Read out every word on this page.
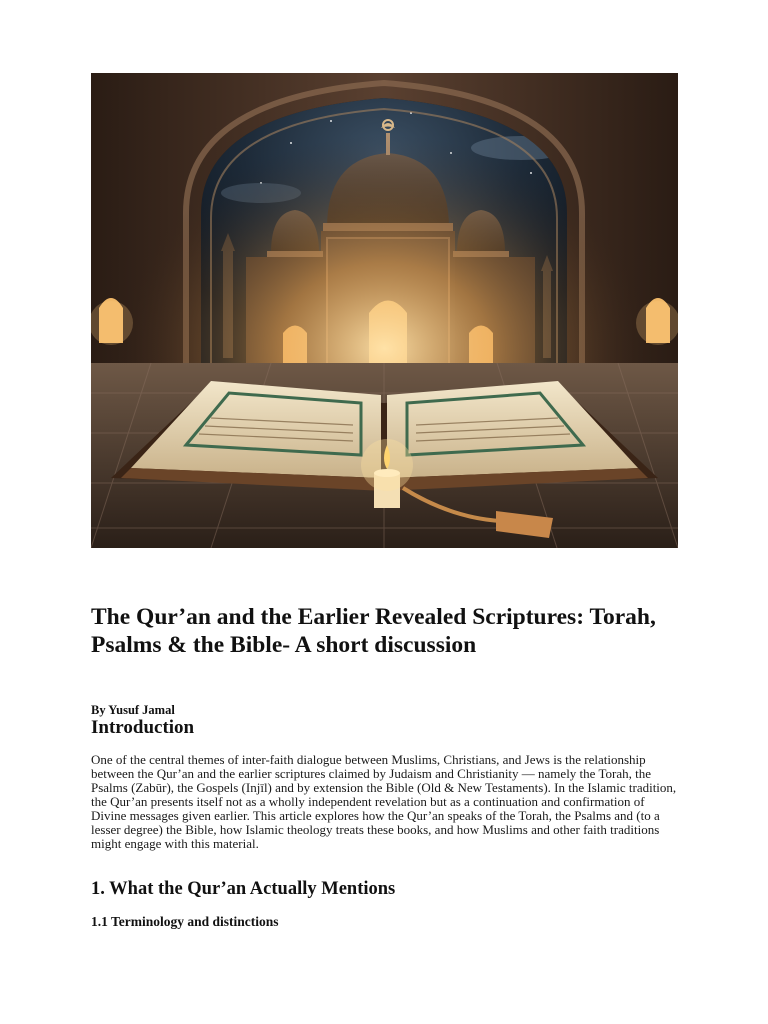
The Qur’an and the Earlier Revealed Scriptures: Torah, Psalms & the Bible- A short discussion

By Yusuf Jamal

Introduction

One of the central themes of inter-faith dialogue between Muslims, Christians, and Jews is the relationship between the Qur’an and the earlier scriptures claimed by Judaism and Christianity — namely the Torah, the Psalms (Zabūr), the Gospels (Injīl) and by extension the Bible (Old & New Testaments). In the Islamic tradition, the Qur’an presents itself not as a wholly independent revelation but as a continuation and confirmation of Divine messages given earlier. This article explores how the Qur’an speaks of the Torah, the Psalms and (to a lesser degree) the Bible, how Islamic theology treats these books, and how Muslims and other faith traditions might engage with this material.

1. What the Qur’an Actually Mentions
1.1 Terminology and distinctions
